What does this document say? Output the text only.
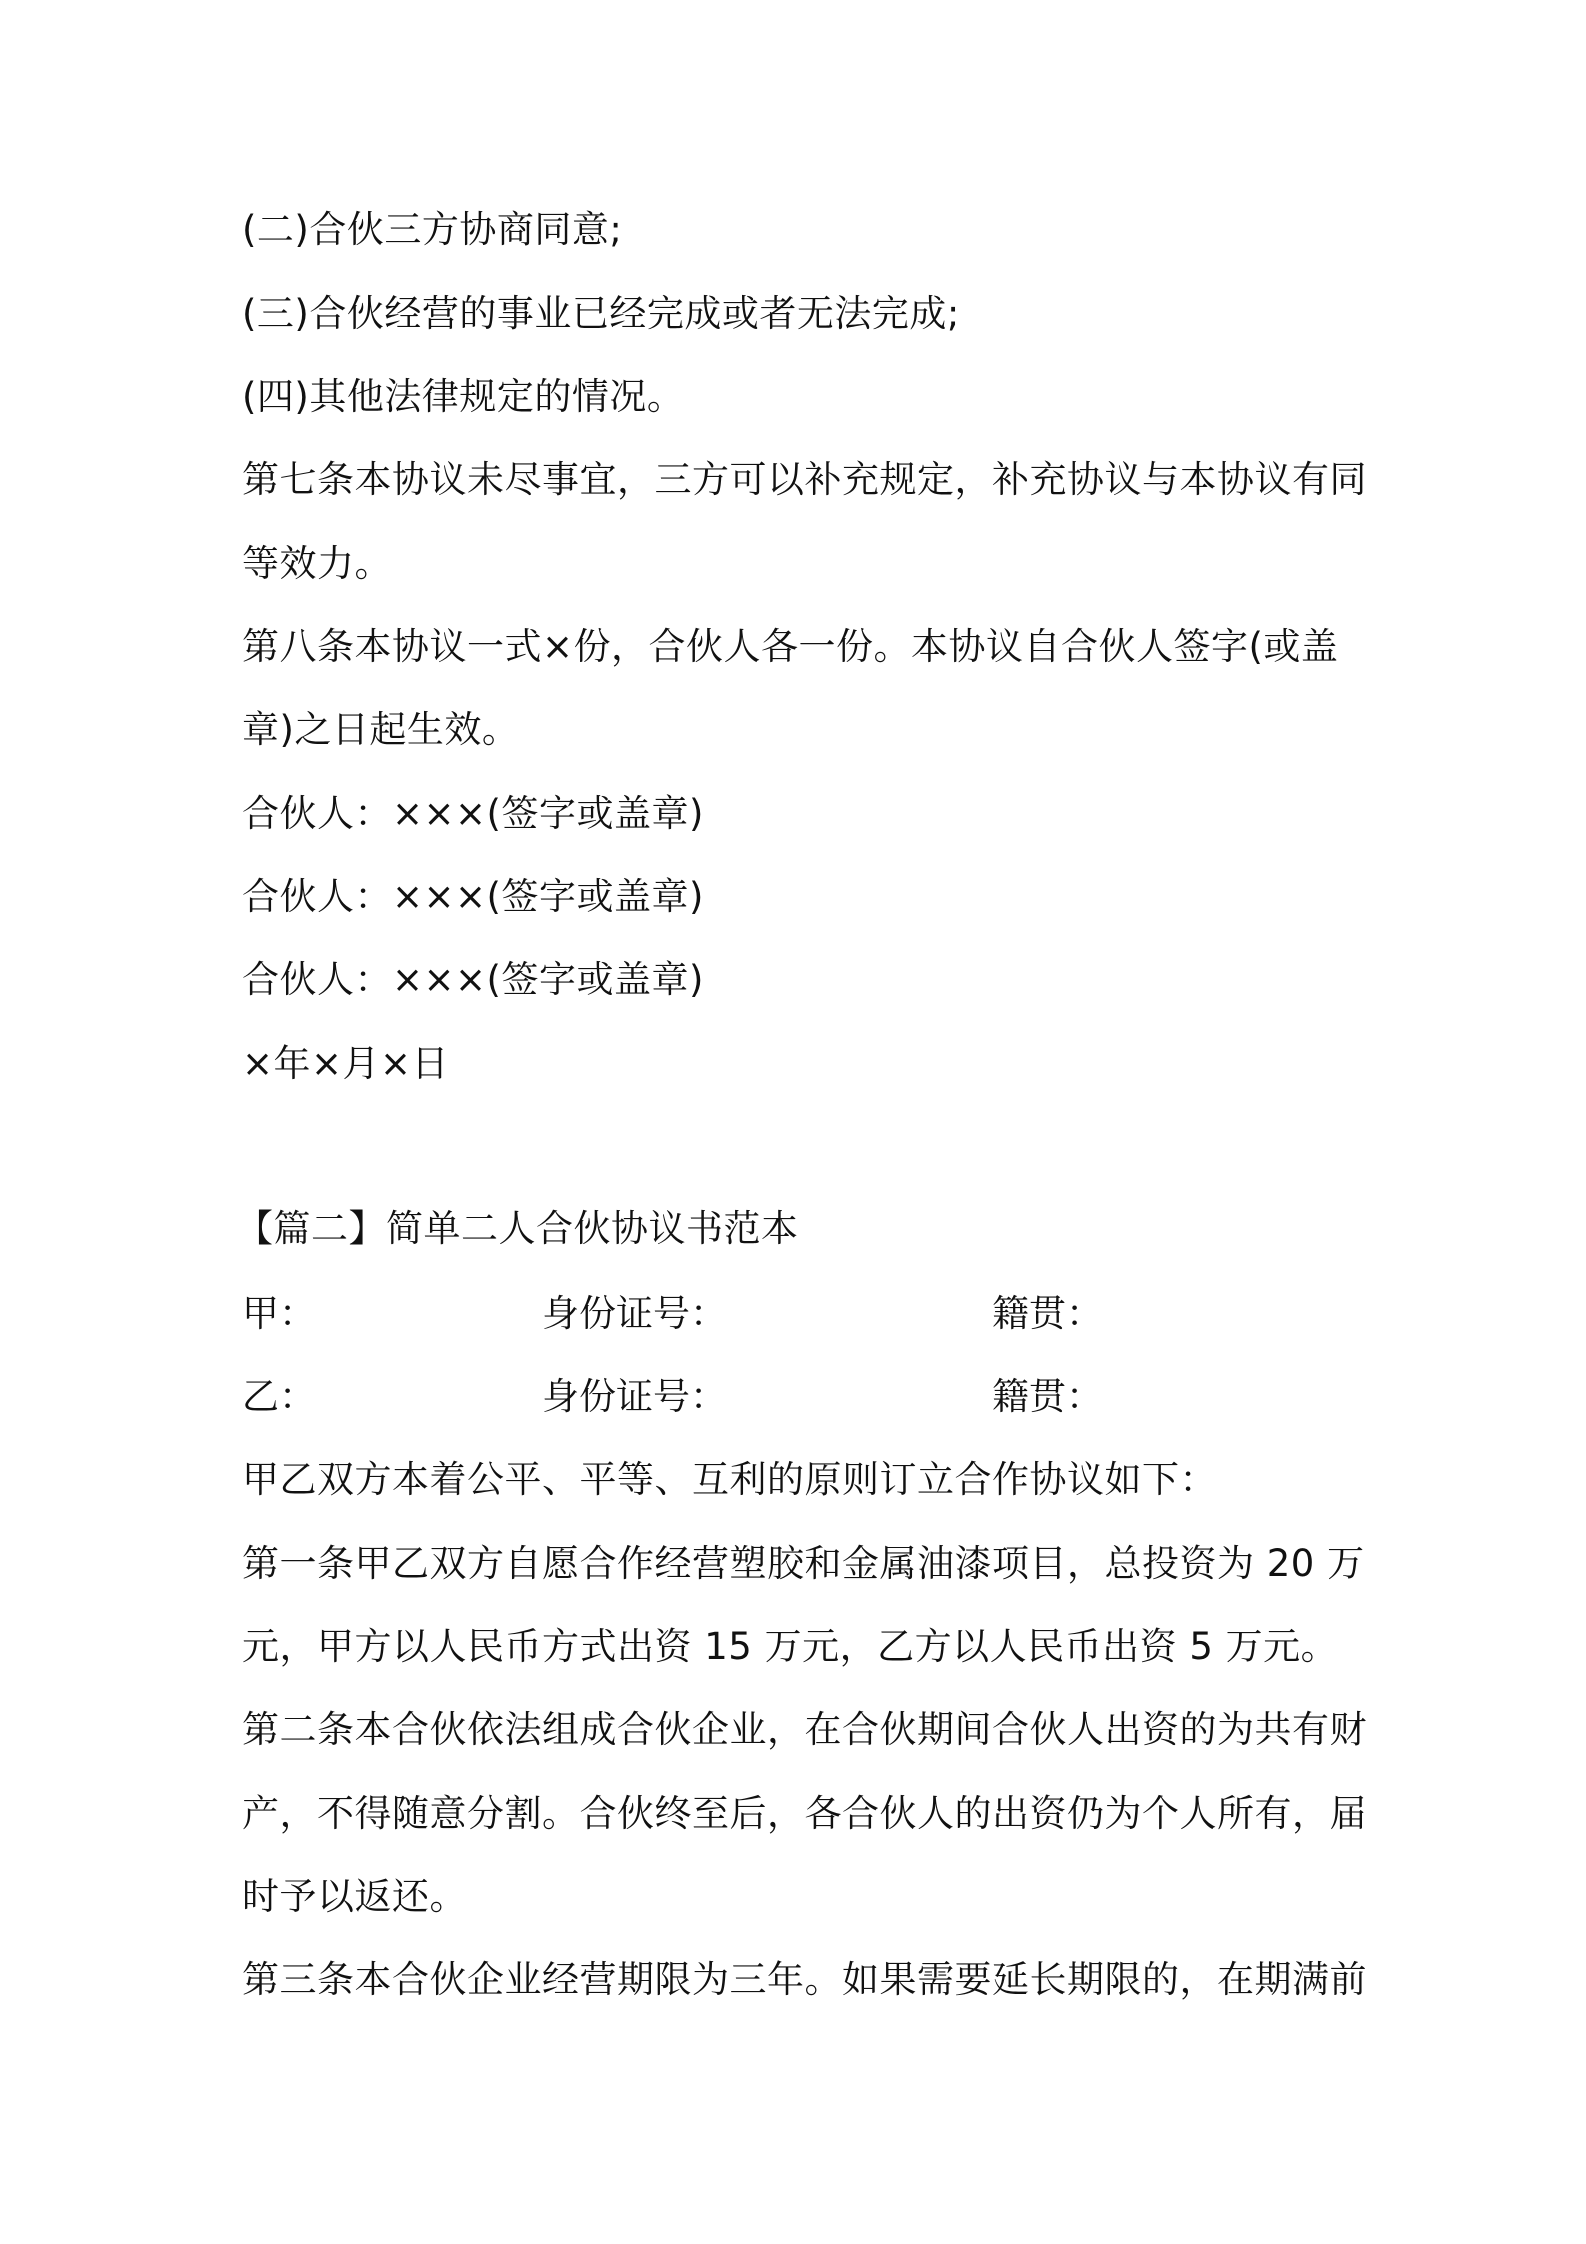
(二)合伙三方协商同意;
(三)合伙经营的事业已经完成或者无法完成;
(四)其他法律规定的情况。
第七条本协议未尽事宜，三方可以补充规定，补充协议与本协议有同
等效力。
第八条本协议一式×份，合伙人各一份。本协议自合伙人签字(或盖
章)之日起生效。
合伙人：×××(签字或盖章)
合伙人：×××(签字或盖章)
合伙人：×××(签字或盖章)
×年×月×日
【篇二】简单二人合伙协议书范本
甲：	身份证号：	籍贯：
乙：	身份证号：	籍贯：
甲乙双方本着公平、平等、互利的原则订立合作协议如下：
第一条甲乙双方自愿合作经营塑胶和金属油漆项目，总投资为 20 万
元，甲方以人民币方式出资 15 万元，乙方以人民币出资 5 万元。
第二条本合伙依法组成合伙企业，在合伙期间合伙人出资的为共有财
产，不得随意分割。合伙终至后，各合伙人的出资仍为个人所有，届
时予以返还。
第三条本合伙企业经营期限为三年。如果需要延长期限的，在期满前
